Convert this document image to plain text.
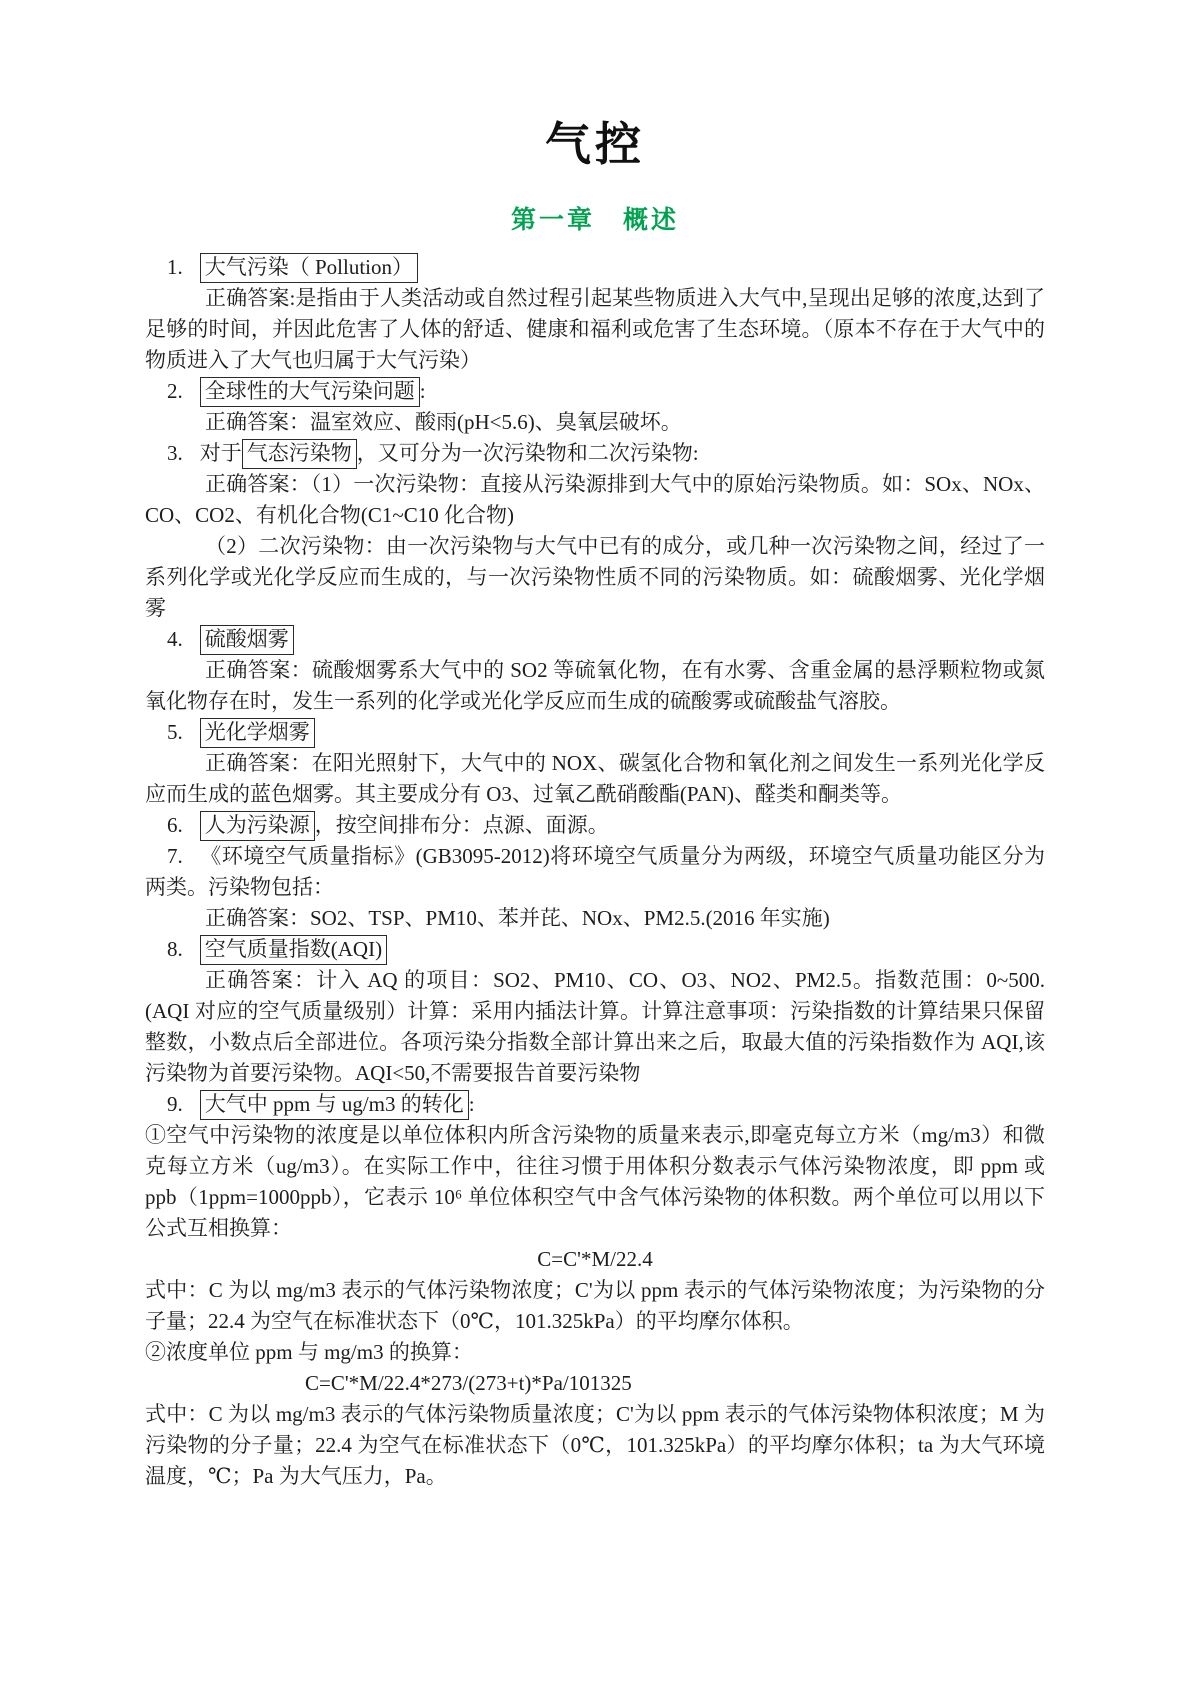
气控
第一章　概述

1. 大气污染（ Pollution）

正确答案:是指由于人类活动或自然过程引起某些物质进入大气中,呈现出足够的浓度,达到了足够的时间，并因此危害了人体的舒适、健康和福利或危害了生态环境。（原本不存在于大气中的物质进入了大气也归属于大气污染）

2. 全球性的大气污染问题 :

正确答案：温室效应、酸雨(pH<5.6)、臭氧层破坏。

3. 对于 气态污染物 ，又可分为一次污染物和二次污染物:

正确答案：（1）一次污染物：直接从污染源排到大气中的原始污染物质。如：SOx、NOx、CO、CO2、有机化合物(C1~C10 化合物)

（2）二次污染物：由一次污染物与大气中已有的成分，或几种一次污染物之间，经过了一系列化学或光化学反应而生成的，与一次污染物性质不同的污染物质。如：硫酸烟雾、光化学烟雾

4. 硫酸烟雾

正确答案：硫酸烟雾系大气中的 SO2 等硫氧化物，在有水雾、含重金属的悬浮颗粒物或氮氧化物存在时，发生一系列的化学或光化学反应而生成的硫酸雾或硫酸盐气溶胶。

5. 光化学烟雾

正确答案：在阳光照射下，大气中的 NOX、碳氢化合物和氧化剂之间发生一系列光化学反应而生成的蓝色烟雾。其主要成分有 O3、过氧乙酰硝酸酯(PAN)、醛类和酮类等。

6. 人为污染源 ，按空间排布分：点源、面源。

7. 《环境空气质量指标》(GB3095-2012)将环境空气质量分为两级，环境空气质量功能区分为两类。污染物包括：

正确答案：SO2、TSP、PM10、苯并芘、NOx、PM2.5.(2016 年实施)

8. 空气质量指数(AQI)

正确答案：计入 AQ 的项目：SO2、PM10、CO、O3、NO2、PM2.5。指数范围：0~500.(AQI 对应的空气质量级别）计算：采用内插法计算。计算注意事项：污染指数的计算结果只保留整数，小数点后全部进位。各项污染分指数全部计算出来之后，取最大值的污染指数作为 AQI,该污染物为首要污染物。AQI<50,不需要报告首要污染物

9. 大气中 ppm 与 ug/m3 的转化 :

①空气中污染物的浓度是以单位体积内所含污染物的质量来表示,即毫克每立方米（mg/m3）和微克每立方米（ug/m3）。在实际工作中，往往习惯于用体积分数表示气体污染物浓度，即 ppm 或 ppb（1ppm=1000ppb），它表示 10⁶ 单位体积空气中含气体污染物的体积数。两个单位可以用以下公式互相换算：

C=C'*M/22.4

式中：C 为以 mg/m3 表示的气体污染物浓度；C'为以 ppm 表示的气体污染物浓度；为污染物的分子量；22.4 为空气在标准状态下（0℃，101.325kPa）的平均摩尔体积。

②浓度单位 ppm 与 mg/m3 的换算：

C=C'*M/22.4*273/(273+t)*Pa/101325

式中：C 为以 mg/m3 表示的气体污染物质量浓度；C'为以 ppm 表示的气体污染物体积浓度；M 为污染物的分子量；22.4 为空气在标准状态下（0℃，101.325kPa）的平均摩尔体积；ta 为大气环境温度，℃；Pa 为大气压力，Pa。
